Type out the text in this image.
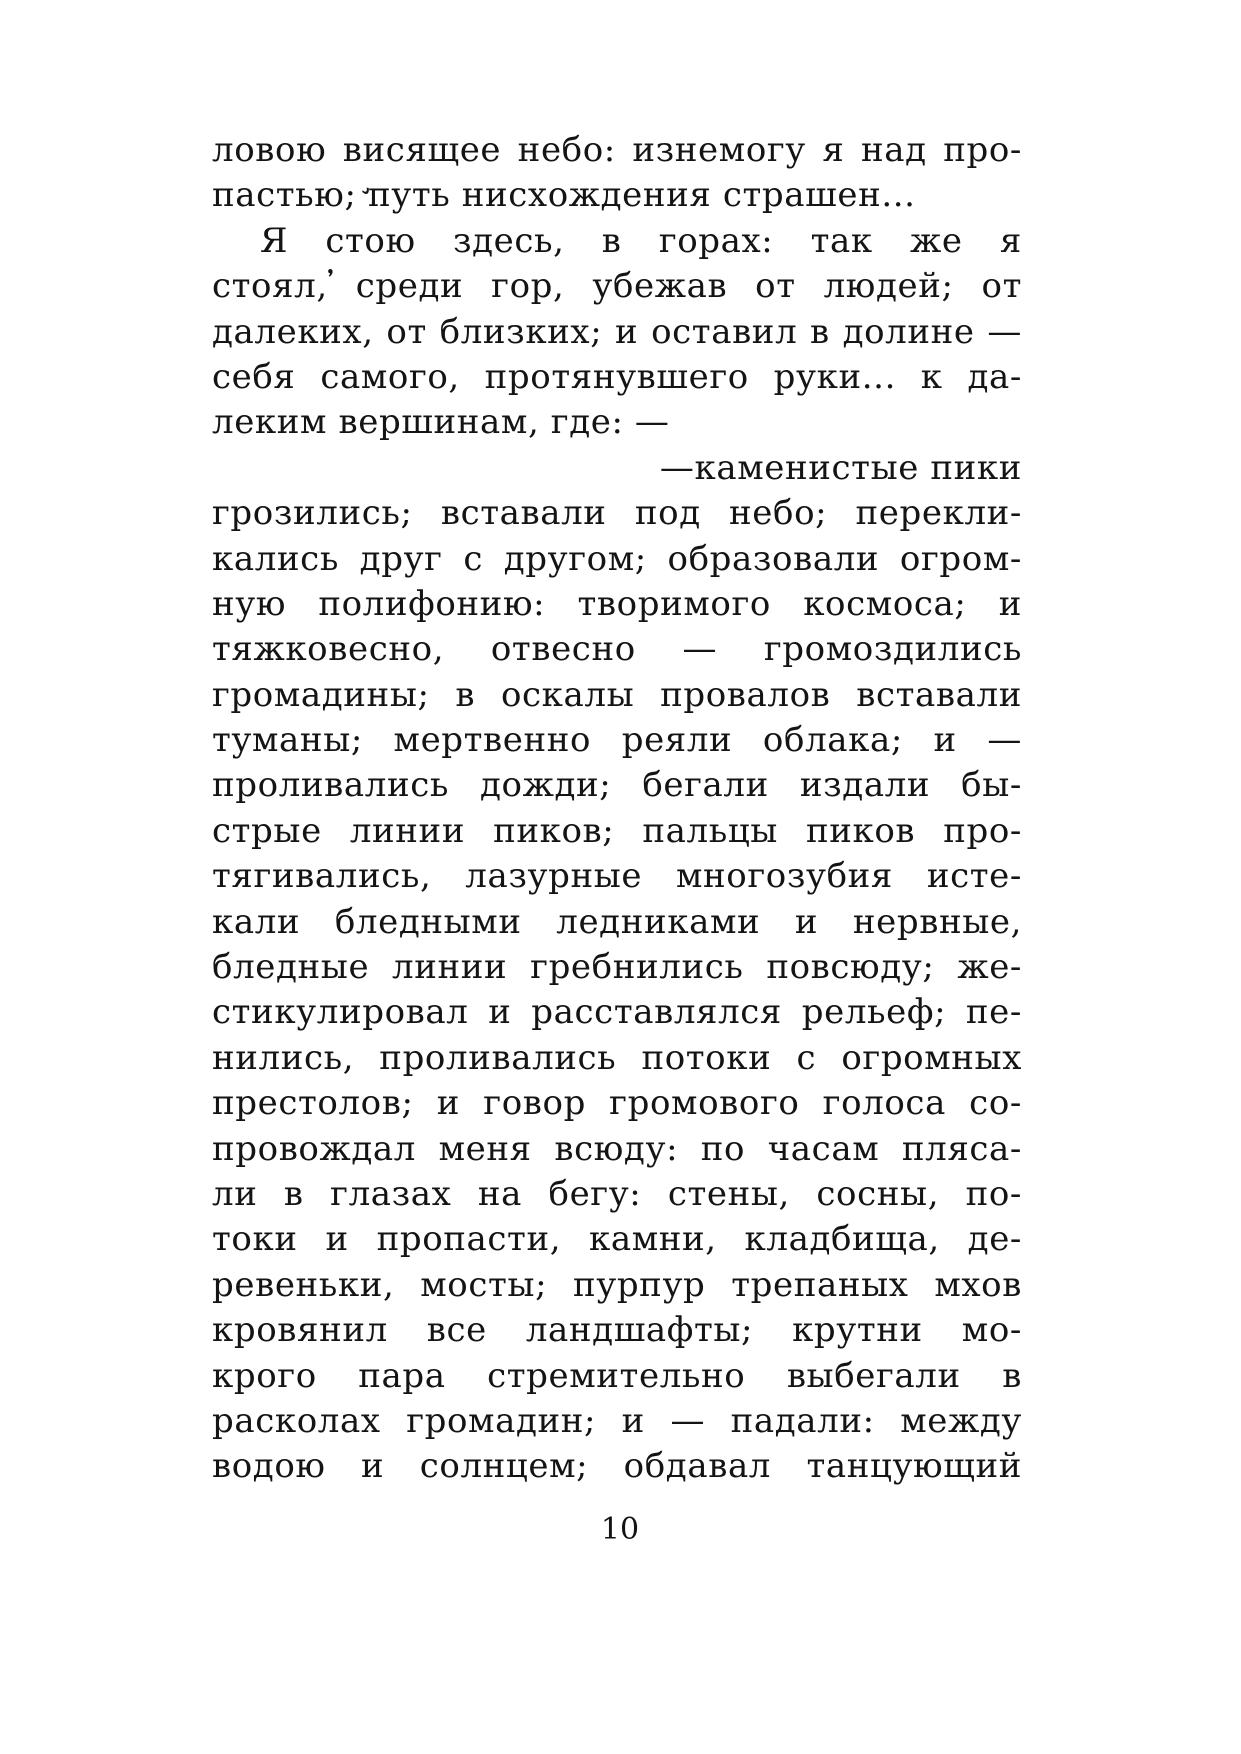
ловою висящее небо: изнемогу я над про-
пастью; ̛путь нисхождения страшен...
Я стою здесь, в горах: так же я
стоял, ̓среди гор, убежав от людей; от
далеких, от близких; и оставил в долине —
себя самого, протянувшего руки... к да-
леким вершинам, где: —
—каменистые пики
грозились; вставали под небо; перекли-
кались друг с другом; образовали огром-
ную полифонию: творимого космоса; и
тяжковесно, отвесно — громоздились
громадины; в оскалы провалов вставали
туманы; мертвенно реяли облака; и —
проливались дожди; бегали издали бы-
стрые линии пиков; пальцы пиков про-
тягивались, лазурные многозубия исте-
кали бледными ледниками и нервные,
бледные линии гребнились повсюду; же-
стикулировал и расставлялся рельеф; пе-
нились, проливались потоки с огромных
престолов; и говор громового голоса со-
провождал меня всюду: по часам пляса-
ли в глазах на бегу: стены, сосны, по-
токи и пропасти, камни, кладбища, де-
ревеньки, мосты; пурпур трепаных мхов
кровянил все ландшафты; крутни мо-
крого пара стремительно выбегали в
расколах громадин; и — падали: между
водою и солнцем; обдавал танцующий
10
